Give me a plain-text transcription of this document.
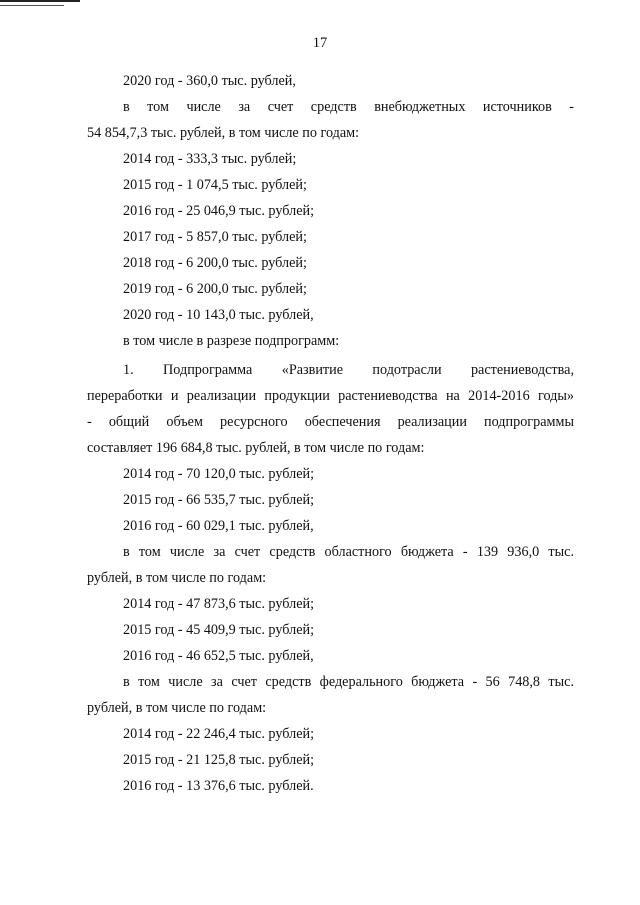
17
2020 год - 360,0 тыс. рублей,
в том числе за счет средств внебюджетных источников -
54 854,7,3 тыс. рублей, в том числе по годам:
2014 год - 333,3 тыс. рублей;
2015 год - 1 074,5 тыс. рублей;
2016 год - 25 046,9 тыс. рублей;
2017 год - 5 857,0 тыс. рублей;
2018 год - 6 200,0 тыс. рублей;
2019 год - 6 200,0 тыс. рублей;
2020 год - 10 143,0 тыс. рублей,
в том числе в разрезе подпрограмм:
1. Подпрограмма «Развитие подотрасли растениеводства,
переработки и реализации продукции растениеводства на 2014-2016 годы»
- общий объем ресурсного обеспечения реализации подпрограммы
составляет 196 684,8 тыс. рублей, в том числе по годам:
2014 год - 70 120,0 тыс. рублей;
2015 год - 66 535,7 тыс. рублей;
2016 год - 60 029,1 тыс. рублей,
в том числе за счет средств областного бюджета - 139 936,0 тыс.
рублей, в том числе по годам:
2014 год - 47 873,6 тыс. рублей;
2015 год - 45 409,9 тыс. рублей;
2016 год - 46 652,5 тыс. рублей,
в том числе за счет средств федерального бюджета - 56 748,8 тыс.
рублей, в том числе по годам:
2014 год - 22 246,4 тыс. рублей;
2015 год - 21 125,8 тыс. рублей;
2016 год - 13 376,6 тыс. рублей.
